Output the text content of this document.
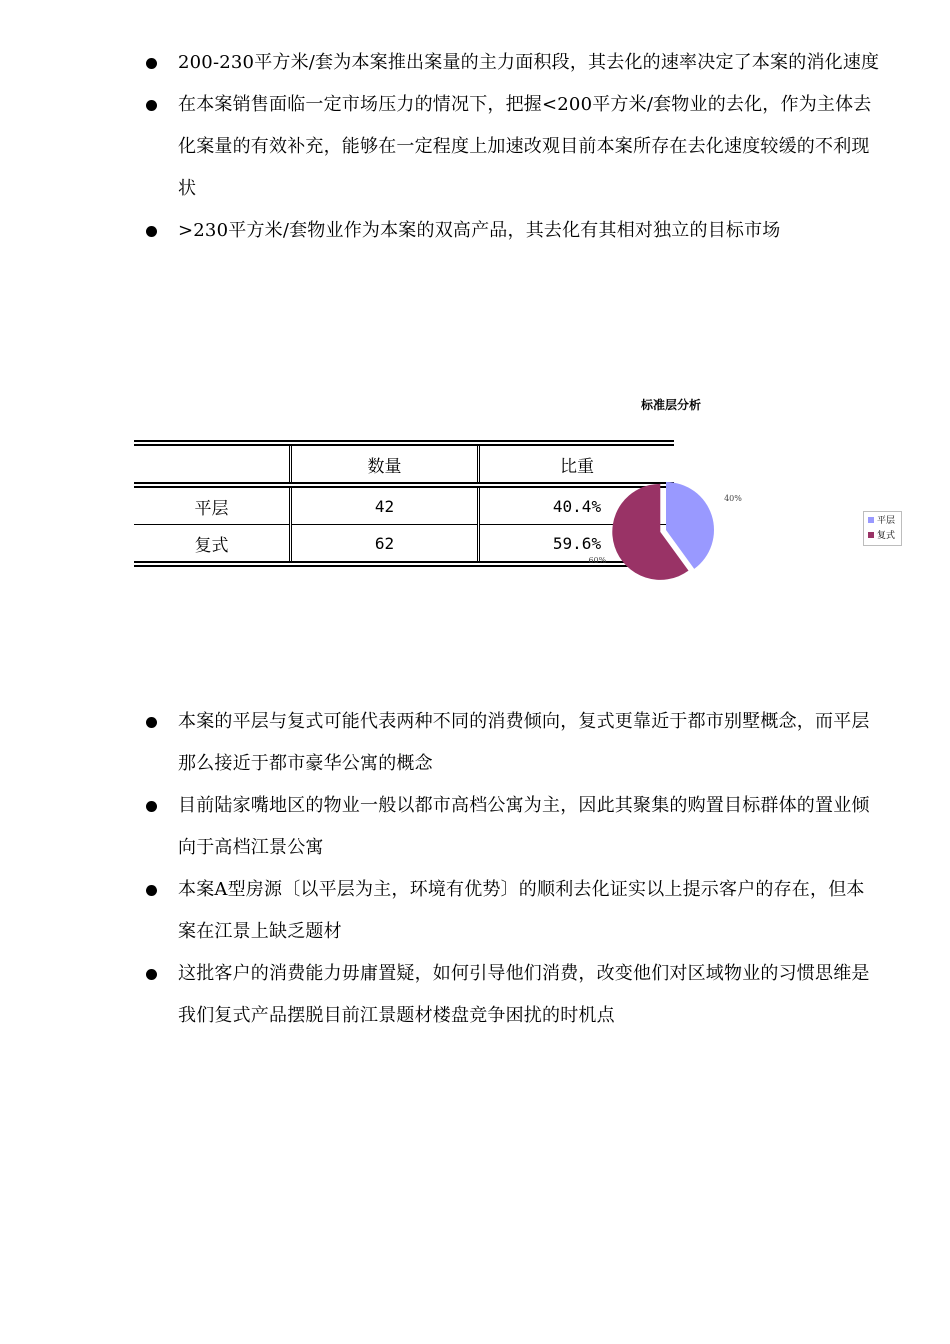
200-230平方米/套为本案推出案量的主力面积段，其去化的速率决定了本案的消化速度
在本案销售面临一定市场压力的情况下，把握<200平方米/套物业的去化，作为主体去化案量的有效补充，能够在一定程度上加速改观目前本案所存在去化速度较缓的不利现状
>230平方米/套物业作为本案的双高产品，其去化有其相对独立的目标市场
	数量	比重
平层	42	40.4%
复式	62	59.6%
标准层分析
40%
60%
平层
复式
本案的平层与复式可能代表两种不同的消费倾向，复式更靠近于都市别墅概念，而平层那么接近于都市豪华公寓的概念
目前陆家嘴地区的物业一般以都市高档公寓为主，因此其聚集的购置目标群体的置业倾向于高档江景公寓
本案A型房源〔以平层为主，环境有优势〕的顺利去化证实以上提示客户的存在，但本案在江景上缺乏题材
这批客户的消费能力毋庸置疑，如何引导他们消费，改变他们对区域物业的习惯思维是我们复式产品摆脱目前江景题材楼盘竞争困扰的时机点
